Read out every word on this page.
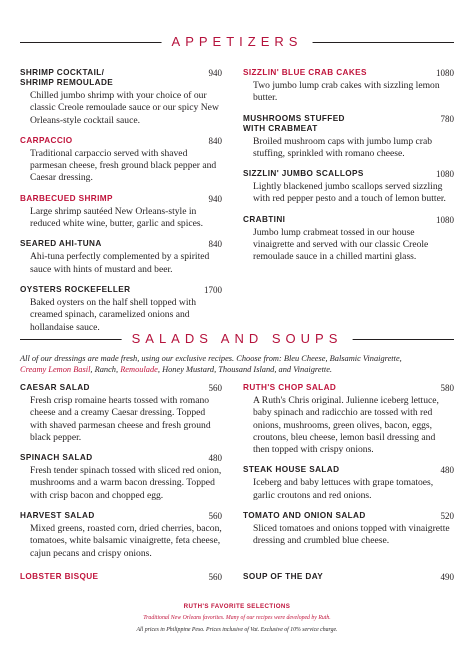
APPETIZERS
SHRIMP COCKTAIL/
SHRIMP REMOULADE
940
Chilled jumbo shrimp with your choice of our classic Creole remoulade sauce or our spicy New Orleans-style cocktail sauce.
CARPACCIO	840
Traditional carpaccio served with shaved parmesan cheese, fresh ground black pepper and Caesar dressing.
BARBECUED SHRIMP	940
Large shrimp sautéed New Orleans-style in reduced white wine, butter, garlic and spices.
SEARED AHI-TUNA	840
Ahi-tuna perfectly complemented by a spirited sauce with hints of mustard and beer.
OYSTERS ROCKEFELLER	1700
Baked oysters on the half shell topped with creamed spinach, caramelized onions and hollandaise sauce.
SIZZLIN' BLUE CRAB CAKES	1080
Two jumbo lump crab cakes with sizzling lemon butter.
MUSHROOMS STUFFED
WITH CRABMEAT
780
Broiled mushroom caps with jumbo lump crab stuffing, sprinkled with romano cheese.
SIZZLIN' JUMBO SCALLOPS	1080
Lightly blackened jumbo scallops served sizzling with red pepper pesto and a touch of lemon butter.
CRABTINI	1080
Jumbo lump crabmeat tossed in our house vinaigrette and served with our classic Creole remoulade sauce in a chilled martini glass.
SALADS AND SOUPS
All of our dressings are made fresh, using our exclusive recipes. Choose from: Bleu Cheese, Balsamic Vinaigrette,
Creamy Lemon Basil, Ranch, Remoulade, Honey Mustard, Thousand Island, and Vinaigrette.
CAESAR SALAD	560
Fresh crisp romaine hearts tossed with romano cheese and a creamy Caesar dressing. Topped with shaved parmesan cheese and fresh ground black pepper.
SPINACH SALAD	480
Fresh tender spinach tossed with sliced red onion, mushrooms and a warm bacon dressing. Topped with crisp bacon and chopped egg.
HARVEST SALAD	560
Mixed greens, roasted corn, dried cherries, bacon, tomatoes, white balsamic vinaigrette, feta cheese, cajun pecans and crispy onions.
RUTH'S CHOP SALAD	580
A Ruth's Chris original. Julienne iceberg lettuce, baby spinach and radicchio are tossed with red onions, mushrooms, green olives, bacon, eggs, croutons, bleu cheese, lemon basil dressing and then topped with crispy onions.
STEAK HOUSE SALAD	480
Iceberg and baby lettuces with grape tomatoes, garlic croutons and red onions.
TOMATO AND ONION SALAD	520
Sliced tomatoes and onions topped with vinaigrette dressing and crumbled blue cheese.
LOBSTER BISQUE	560	SOUP OF THE DAY	490
RUTH'S FAVORITE SELECTIONS
Traditional New Orleans favorites. Many of our recipes were developed by Ruth.
All prices in Philippine Peso. Prices inclusive of Vat. Exclusive of 10% service charge.
